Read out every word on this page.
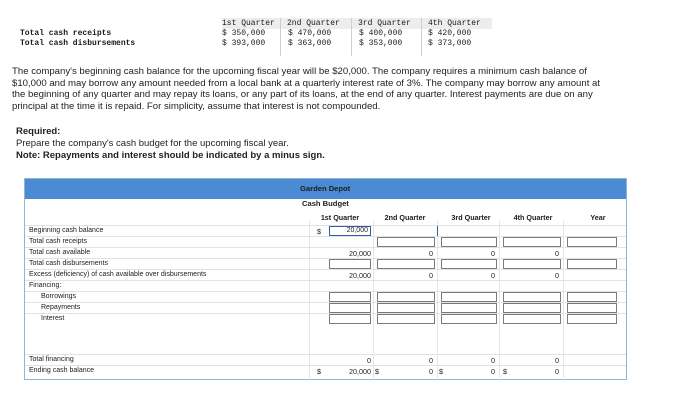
1st Quarter 2nd Quarter 3rd Quarter 4th Quarter
Total cash receipts	$ 350,000	$ 470,000	$ 400,000	$ 420,000
Total cash disbursements	$ 393,000	$ 363,000	$ 353,000	$ 373,000
The company's beginning cash balance for the upcoming fiscal year will be $20,000. The company requires a minimum cash balance of $10,000 and may borrow any amount needed from a local bank at a quarterly interest rate of 3%. The company may borrow any amount at the beginning of any quarter and may repay its loans, or any part of its loans, at the end of any quarter. Interest payments are due on any principal at the time it is repaid. For simplicity, assume that interest is not compounded.
Required:
Prepare the company's cash budget for the upcoming fiscal year.
Note: Repayments and interest should be indicated by a minus sign.
Garden Depot
Cash Budget
1st Quarter	2nd Quarter	3rd Quarter	4th Quarter	Year
Beginning cash balance	$	20,000
Total cash receipts
Total cash available	20,000	0	0	0
Total cash disbursements
Excess (deficiency) of cash available over disbursements	20,000	0	0	0
Financing:
Borrowings
Repayments
Interest
Total financing	0	0	0	0
Ending cash balance	$	20,000 $	0 $	0 $	0
